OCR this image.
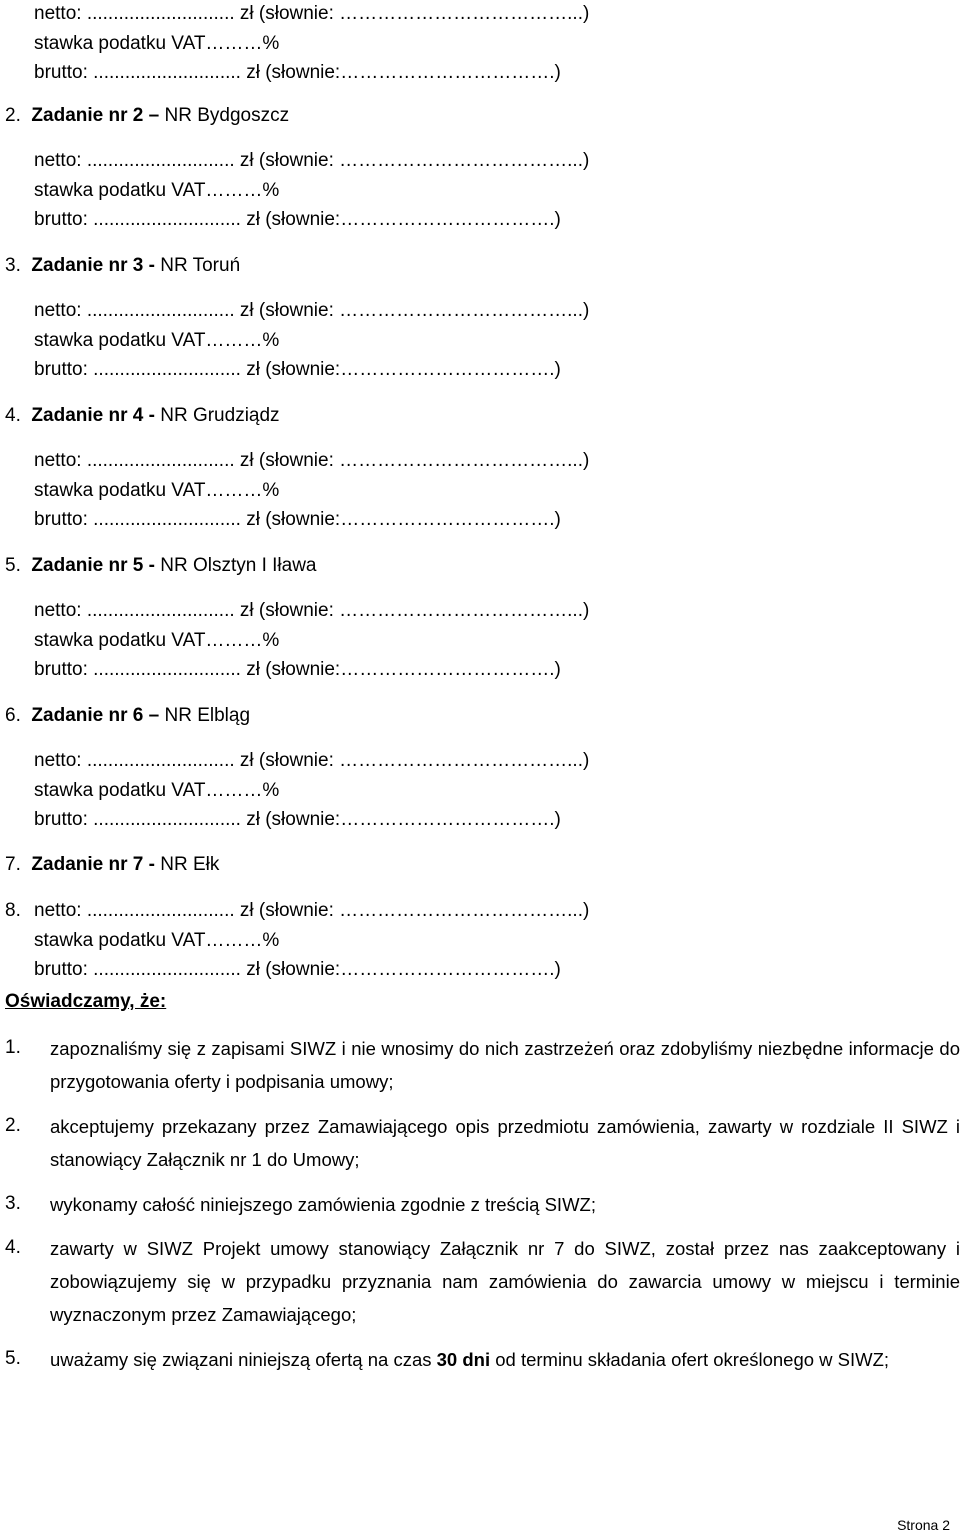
netto: ............................ zł (słownie: ………………………………...)
stawka podatku VAT………%
brutto: ............................ zł (słownie:…………………………….)
2. Zadanie nr 2 – NR Bydgoszcz
netto: ............................ zł (słownie: ………………………………...)
stawka podatku VAT………%
brutto: ............................ zł (słownie:…………………………….)
3. Zadanie nr 3 - NR Toruń
netto: ............................ zł (słownie: ………………………………...)
stawka podatku VAT………%
brutto: ............................ zł (słownie:…………………………….)
4. Zadanie nr 4 - NR Grudziądz
netto: ............................ zł (słownie: ………………………………...)
stawka podatku VAT………%
brutto: ............................ zł (słownie:…………………………….)
5. Zadanie nr 5 - NR Olsztyn I Iława
netto: ............................ zł (słownie: ………………………………...)
stawka podatku VAT………%
brutto: ............................ zł (słownie:…………………………….)
6. Zadanie nr 6 – NR Elbląg
netto: ............................ zł (słownie: ………………………………...)
stawka podatku VAT………%
brutto: ............................ zł (słownie:…………………………….)
7. Zadanie nr 7 - NR Ełk
8. netto: ............................ zł (słownie: ………………………………...)
stawka podatku VAT………%
brutto: ............................ zł (słownie:…………………………….)
Oświadczamy, że:
1. zapoznaliśmy się z zapisami SIWZ i nie wnosimy do nich zastrzeżeń oraz zdobyliśmy niezbędne informacje do przygotowania oferty i podpisania umowy;
2. akceptujemy przekazany przez Zamawiającego opis przedmiotu zamówienia, zawarty w rozdziale II SIWZ i stanowiący Załącznik nr 1 do Umowy;
3. wykonamy całość niniejszego zamówienia zgodnie z treścią SIWZ;
4. zawarty w SIWZ Projekt umowy stanowiący Załącznik nr 7 do SIWZ, został przez nas zaakceptowany i zobowiązujemy się w przypadku przyznania nam zamówienia do zawarcia umowy w miejscu i terminie wyznaczonym przez Zamawiającego;
5. uważamy się związani niniejszą ofertą na czas 30 dni od terminu składania ofert określonego w SIWZ;
Strona 2
